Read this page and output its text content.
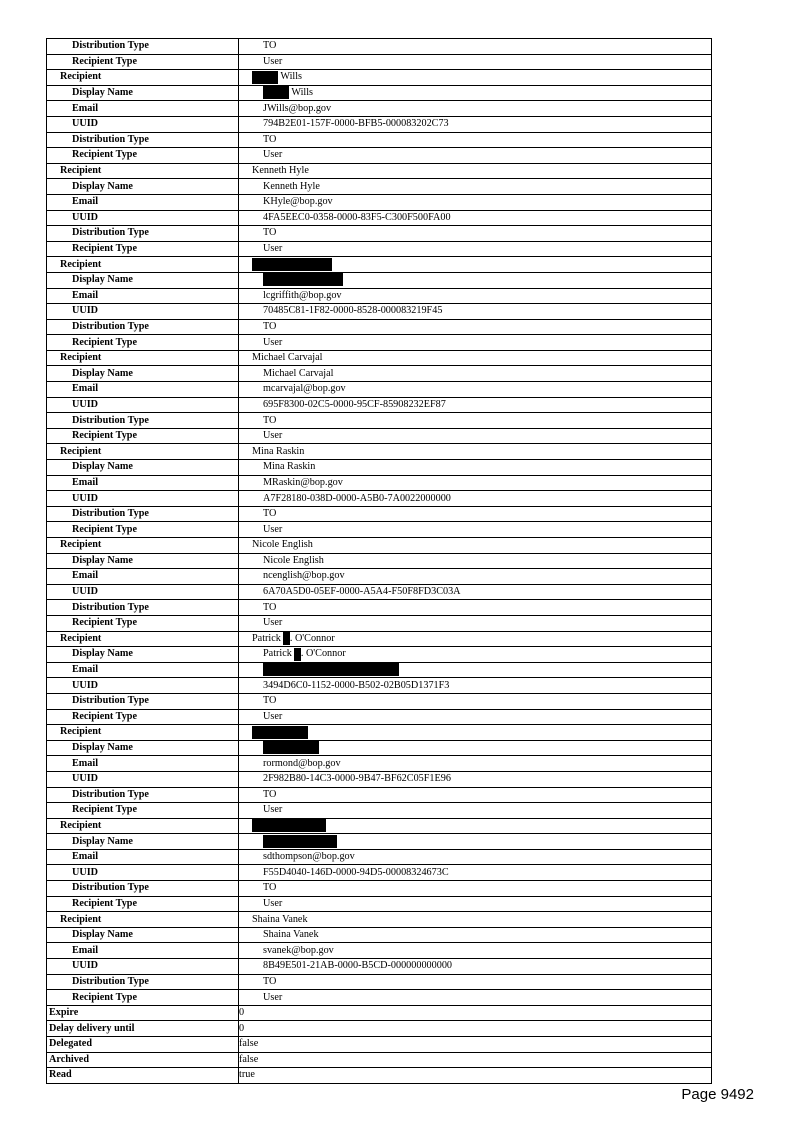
Distribution Type	TO
Recipient Type	User
Recipient	Wills
Display Name	Wills
Email	JWills@bop.gov
UUID	794B2E01-157F-0000-BFB5-000083202C73
Distribution Type	TO
Recipient Type	User
Recipient	Kenneth Hyle
Display Name	Kenneth Hyle
Email	KHyle@bop.gov
UUID	4FA5EEC0-0358-0000-83F5-C300F500FA00
Distribution Type	TO
Recipient Type	User
Recipient	
Display Name	
Email	lcgriffith@bop.gov
UUID	70485C81-1F82-0000-8528-000083219F45
Distribution Type	TO
Recipient Type	User
Recipient	Michael Carvajal
Display Name	Michael Carvajal
Email	mcarvajal@bop.gov
UUID	695F8300-02C5-0000-95CF-85908232EF87
Distribution Type	TO
Recipient Type	User
Recipient	Mina Raskin
Display Name	Mina Raskin
Email	MRaskin@bop.gov
UUID	A7F28180-038D-0000-A5B0-7A0022000000
Distribution Type	TO
Recipient Type	User
Recipient	Nicole English
Display Name	Nicole English
Email	ncenglish@bop.gov
UUID	6A70A5D0-05EF-0000-A5A4-F50F8FD3C03A
Distribution Type	TO
Recipient Type	User
Recipient	Patrick . O'Connor
Display Name	Patrick . O'Connor
Email	
UUID	3494D6C0-1152-0000-B502-02B05D1371F3
Distribution Type	TO
Recipient Type	User
Recipient	
Display Name	
Email	rormond@bop.gov
UUID	2F982B80-14C3-0000-9B47-BF62C05F1E96
Distribution Type	TO
Recipient Type	User
Recipient	
Display Name	
Email	sdthompson@bop.gov
UUID	F55D4040-146D-0000-94D5-00008324673C
Distribution Type	TO
Recipient Type	User
Recipient	Shaina Vanek
Display Name	Shaina Vanek
Email	svanek@bop.gov
UUID	8B49E501-21AB-0000-B5CD-000000000000
Distribution Type	TO
Recipient Type	User
Expire	0
Delay delivery until	0
Delegated	false
Archived	false
Read	true
Page 9492
